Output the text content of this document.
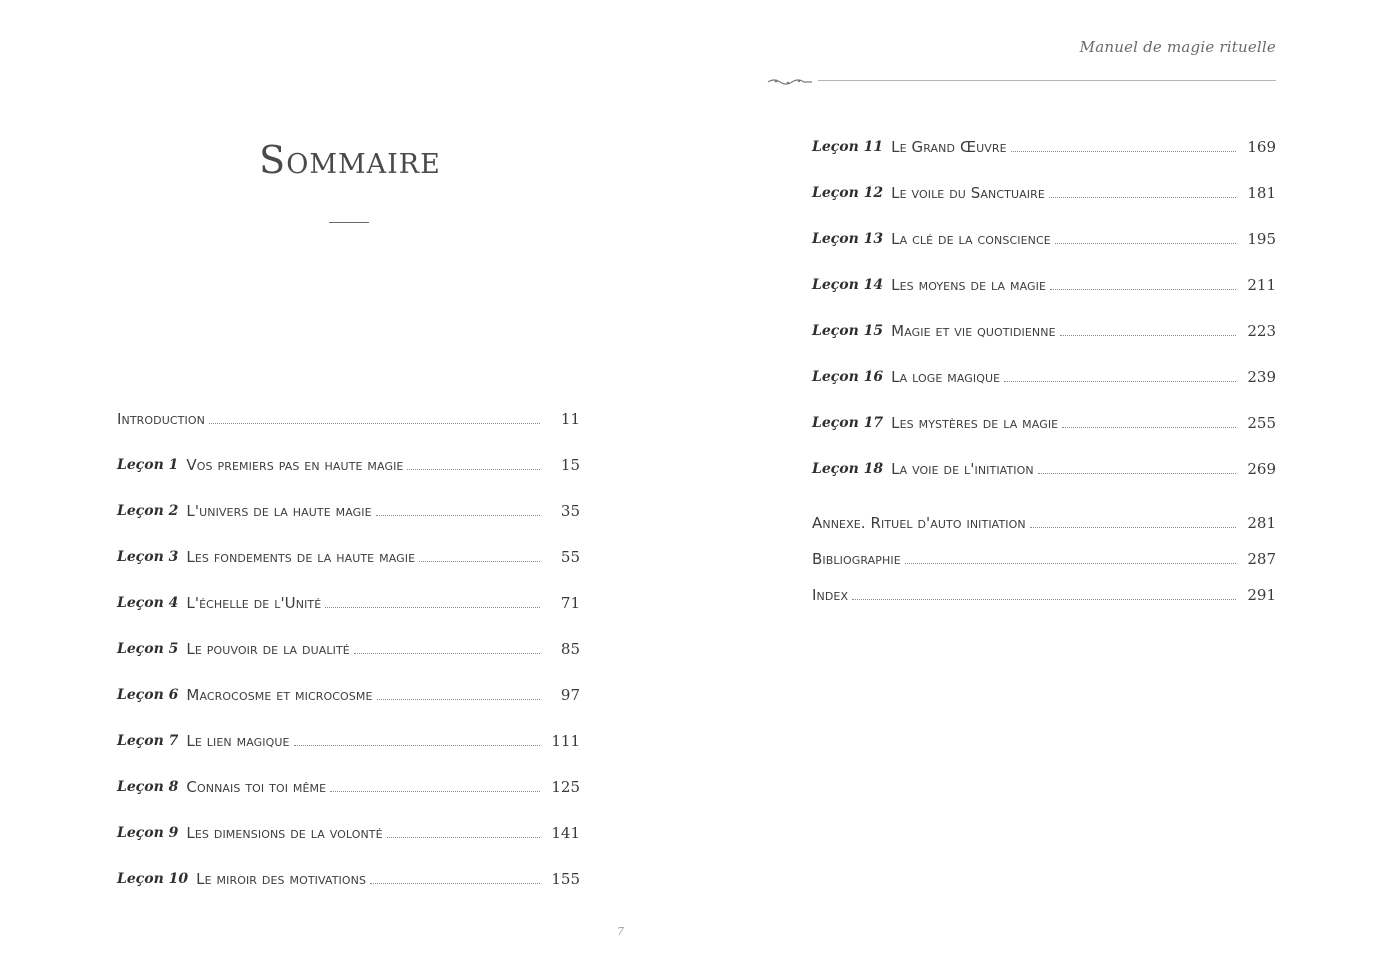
Sommaire
Introduction	11
Leçon 1 Vos premiers pas en haute magie	15
Leçon 2 L'univers de la haute magie	35
Leçon 3 Les fondements de la haute magie	55
Leçon 4 L'échelle de l'Unité	71
Leçon 5 Le pouvoir de la dualité	85
Leçon 6 Macrocosme et microcosme	97
Leçon 7 Le lien magique	111
Leçon 8 Connais toi toi même	125
Leçon 9 Les dimensions de la volonté	141
Leçon 10 Le miroir des motivations	155
Manuel de magie rituelle
Leçon 11 Le Grand Œuvre	169
Leçon 12 Le voile du Sanctuaire	181
Leçon 13 La clé de la conscience	195
Leçon 14 Les moyens de la magie	211
Leçon 15 Magie et vie quotidienne	223
Leçon 16 La loge magique	239
Leçon 17 Les mystères de la magie	255
Leçon 18 La voie de l'initiation	269
Annexe. Rituel d'auto initiation	281
Bibliographie	287
Index	291
7
